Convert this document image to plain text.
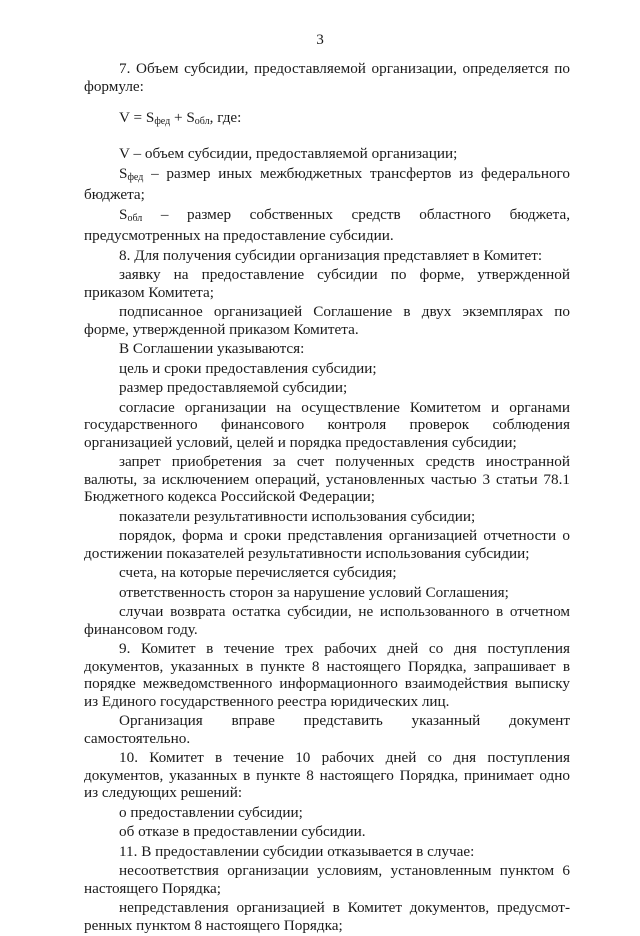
3

7. Объем субсидии, предоставляемой организации, определяется по формуле:

$V = S_{фед} + S_{обл}$, где:

V – объем субсидии, предоставляемой организации;

$S_{фед}$ – размер иных межбюджетных трансфертов из федерального бюджета;

$S_{обл}$ – размер собственных средств областного бюджета, предусмотренных на предоставление субсидии.

8. Для получения субсидии организация представляет в Комитет:

заявку на предоставление субсидии по форме, утвержденной приказом Комитета;

подписанное организацией Соглашение в двух экземплярах по форме, утвержденной приказом Комитета.

В Соглашении указываются:

цель и сроки предоставления субсидии;

размер предоставляемой субсидии;

согласие организации на осуществление Комитетом и органами государственного финансового контроля проверок соблюдения организацией условий, целей и порядка предоставления субсидии;

запрет приобретения за счет полученных средств иностранной валюты, за исключением операций, установленных частью 3 статьи 78.1 Бюджетного кодекса Российской Федерации;

показатели результативности использования субсидии;

порядок, форма и сроки представления организацией отчетности о достижении показателей результативности использования субсидии;

счета, на которые перечисляется субсидия;

ответственность сторон за нарушение условий Соглашения;

случаи возврата остатка субсидии, не использованного в отчетном финансовом году.

9. Комитет в течение трех рабочих дней со дня поступления документов, указанных в пункте 8 настоящего Порядка, запрашивает в порядке межведомственного информационного взаимодействия выписку из Единого государственного реестра юридических лиц.

Организация вправе представить указанный документ самостоятельно.

10. Комитет в течение 10 рабочих дней со дня поступления документов, указанных в пункте 8 настоящего Порядка, принимает одно из следующих решений:

о предоставлении субсидии;

об отказе в предоставлении субсидии.

11. В предоставлении субсидии отказывается в случае:

несоответствия организации условиям, установленным пунктом 6 настоящего Порядка;

непредставления организацией в Комитет документов, предусмот-ренных пунктом 8 настоящего Порядка;
